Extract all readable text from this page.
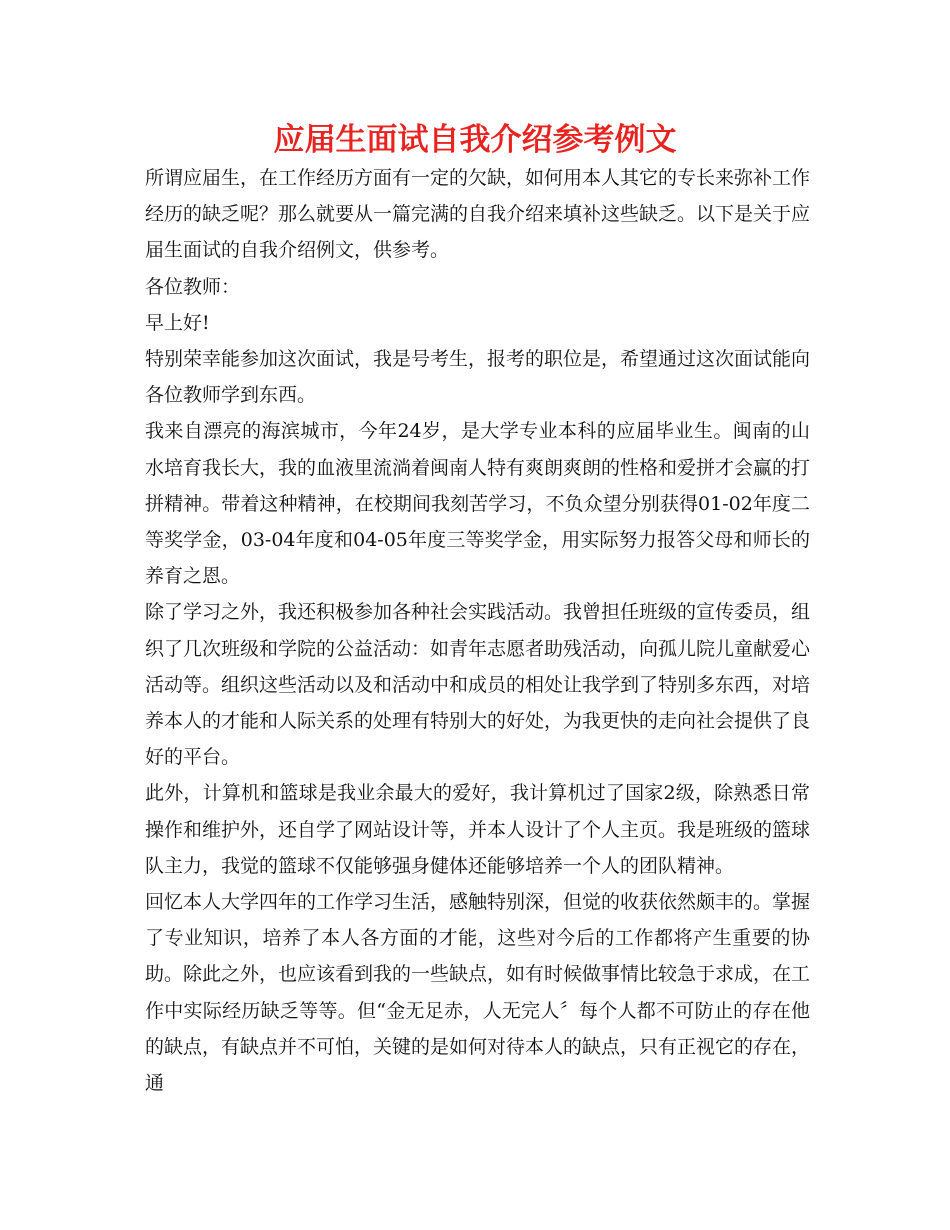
应届生面试自我介绍参考例文

所谓应届生，在工作经历方面有一定的欠缺，如何用本人其它的专长来弥补工作经历的缺乏呢？那么就要从一篇完满的自我介绍来填补这些缺乏。以下是关于应届生面试的自我介绍例文，供参考。

各位教师：

早上好!

特别荣幸能参加这次面试，我是号考生，报考的职位是，希望通过这次面试能向各位教师学到东西。

我来自漂亮的海滨城市，今年24岁，是大学专业本科的应届毕业生。闽南的山水培育我长大，我的血液里流淌着闽南人特有爽朗爽朗的性格和爱拼才会赢的打拼精神。带着这种精神，在校期间我刻苦学习，不负众望分别获得01-02年度二等奖学金，03-04年度和04-05年度三等奖学金，用实际努力报答父母和师长的养育之恩。

除了学习之外，我还积极参加各种社会实践活动。我曾担任班级的宣传委员，组织了几次班级和学院的公益活动：如青年志愿者助残活动，向孤儿院儿童献爱心活动等。组织这些活动以及和活动中和成员的相处让我学到了特别多东西，对培养本人的才能和人际关系的处理有特别大的好处，为我更快的走向社会提供了良好的平台。

此外，计算机和篮球是我业余最大的爱好，我计算机过了国家2级，除熟悉日常操作和维护外，还自学了网站设计等，并本人设计了个人主页。我是班级的篮球队主力，我觉的篮球不仅能够强身健体还能够培养一个人的团队精神。

回忆本人大学四年的工作学习生活，感触特别深，但觉的收获依然颇丰的。掌握了专业知识，培养了本人各方面的才能，这些对今后的工作都将产生重要的协助。除此之外，也应该看到我的一些缺点，如有时候做事情比较急于求成，在工作中实际经历缺乏等等。但“金无足赤，人无完人〞每个人都不可防止的存在他的缺点，有缺点并不可怕，关键的是如何对待本人的缺点，只有正视它的存在，通
